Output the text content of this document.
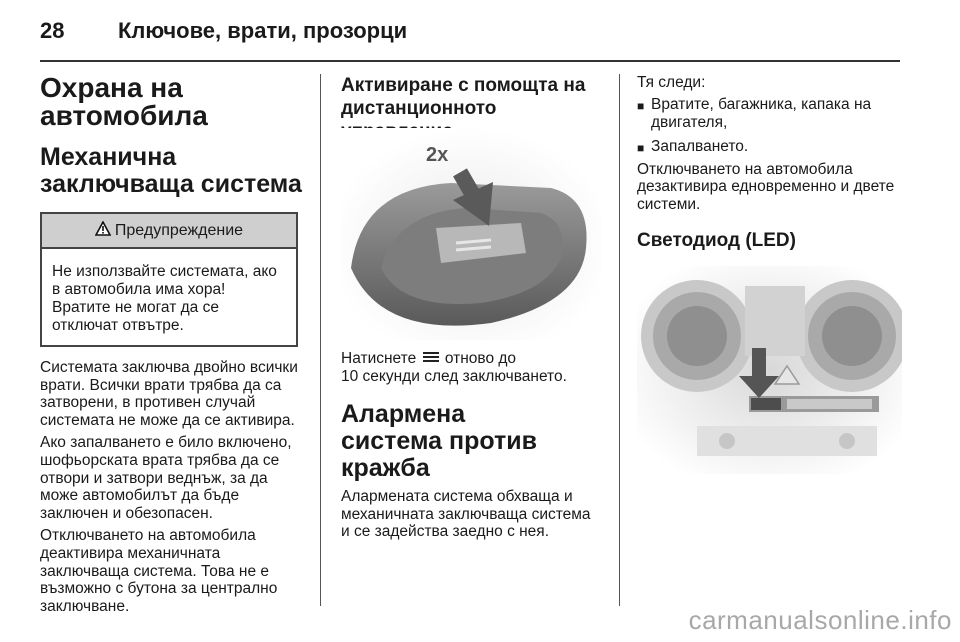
28 Ключове, врати, прозорци
Охрана на автомобила
Механична заключваща система
Предупреждение
Не използвайте системата, ако в автомобила има хора! Вратите не могат да се отключат отвътре.

Системата заключва двойно всички врати. Всички врати трябва да са затворени, в противен случай системата не може да се активира.

Ако запалването е било включено, шофьорската врата трябва да се отвори и затвори веднъж, за да може автомобилът да бъде заключен и обезопасен.

Отключването на автомобила деактивира механичната заключваща система. Това не е възможно с бутона за централно заключване.

Активиране с помощта на дистанционното
2x

Натиснете отново до

10 секунди след заключването.

Алармена система против кражба

Алармената система обхваща и механичната заключваща система и се задейства заедно с нея.

Тя следи:

■ Вратите, багажника, капака на двигателя,
■ Запалването.

Отключването на автомобила дезактивира едновременно и двете системи.

Светодиод (LED)
carmanualsonline.info
